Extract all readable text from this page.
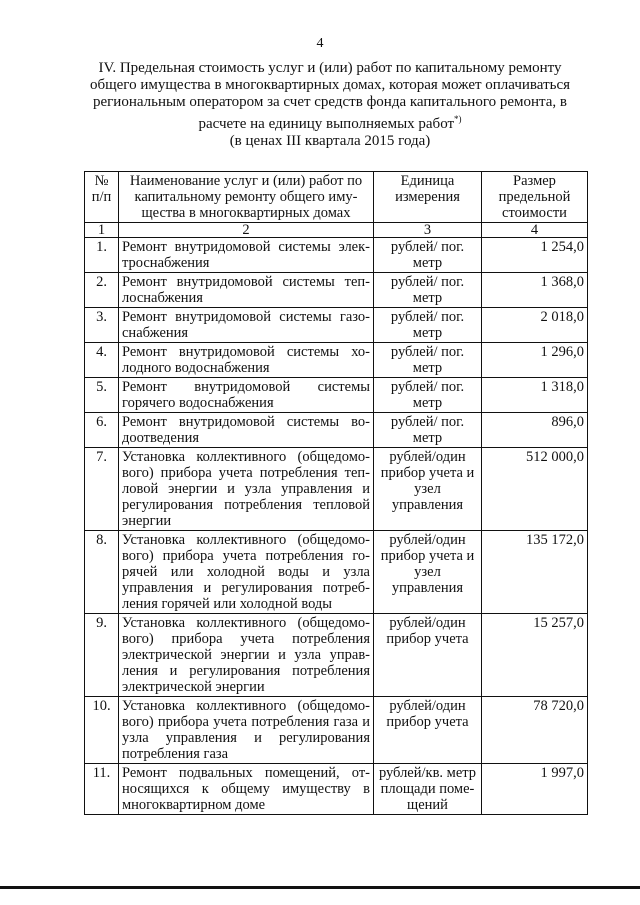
4
IV. Предельная стоимость услуг и (или) работ по капитальному ремонту
общего имущества в многоквартирных домах, которая может оплачиваться
региональным оператором за счет средств фонда капитального ремонта, в
расчете на единицу выполняемых работ*)
(в ценах III квартала 2015 года)
№ п/п	Наименование услуг и (или) работ по капитальному ремонту общего иму-щества в многоквартирных домах	Единица измерения	Размер предельной стоимости
1	2	3	4
1.	Ремонт внутридомовой системы элек-троснабжения	рублей/ пог. метр	1 254,0
2.	Ремонт внутридомовой системы теп-лоснабжения	рублей/ пог. метр	1 368,0
3.	Ремонт внутридомовой системы газо-снабжения	рублей/ пог. метр	2 018,0
4.	Ремонт внутридомовой системы хо-лодного водоснабжения	рублей/ пог. метр	1 296,0
5.	Ремонт внутридомовой системы горячего водоснабжения	рублей/ пог. метр	1 318,0
6.	Ремонт внутридомовой системы во-доотведения	рублей/ пог. метр	896,0
7.	Установка коллективного (общедомо-вого) прибора учета потребления теп-ловой энергии и узла управления и регулирования потребления тепловой энергии	рублей/один прибор учета и узел управления	512 000,0
8.	Установка коллективного (общедомо-вого) прибора учета потребления го-рячей или холодной воды и узла управления и регулирования потреб-ления горячей или холодной воды	рублей/один прибор учета и узел управления	135 172,0
9.	Установка коллективного (общедомо-вого) прибора учета потребления электрической энергии и узла управ-ления и регулирования потребления электрической энергии	рублей/один прибор учета	15 257,0
10.	Установка коллективного (общедомо-вого) прибора учета потребления газа и узла управления и регулирования потребления газа	рублей/один прибор учета	78 720,0
11.	Ремонт подвальных помещений, от-носящихся к общему имуществу в многоквартирном доме	рублей/кв. метр площади поме-щений	1 997,0
